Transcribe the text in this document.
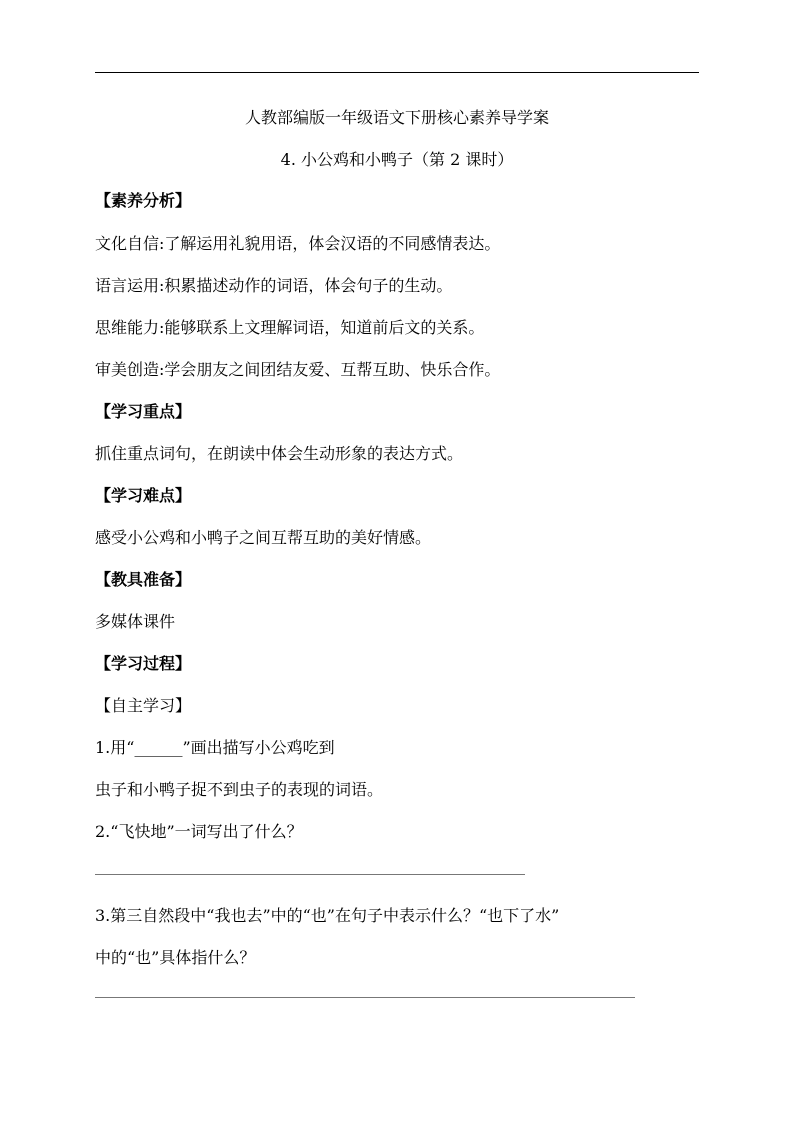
人教部编版一年级语文下册核心素养导学案
4. 小公鸡和小鸭子（第 2 课时）
【素养分析】
文化自信:了解运用礼貌用语，体会汉语的不同感情表达。
语言运用:积累描述动作的词语，体会句子的生动。
思维能力:能够联系上文理解词语，知道前后文的关系。
审美创造:学会朋友之间团结友爱、互帮互助、快乐合作。
【学习重点】
抓住重点词句，在朗读中体会生动形象的表达方式。
【学习难点】
感受小公鸡和小鸭子之间互帮互助的美好情感。
【教具准备】
多媒体课件
【学习过程】
【自主学习】
1.用“______”画出描写小公鸡吃到
虫子和小鸭子捉不到虫子的表现的词语。
2.“飞快地”一词写出了什么？
3.第三自然段中“我也去”中的“也”在句子中表示什么？“也下了水”
中的“也”具体指什么？
